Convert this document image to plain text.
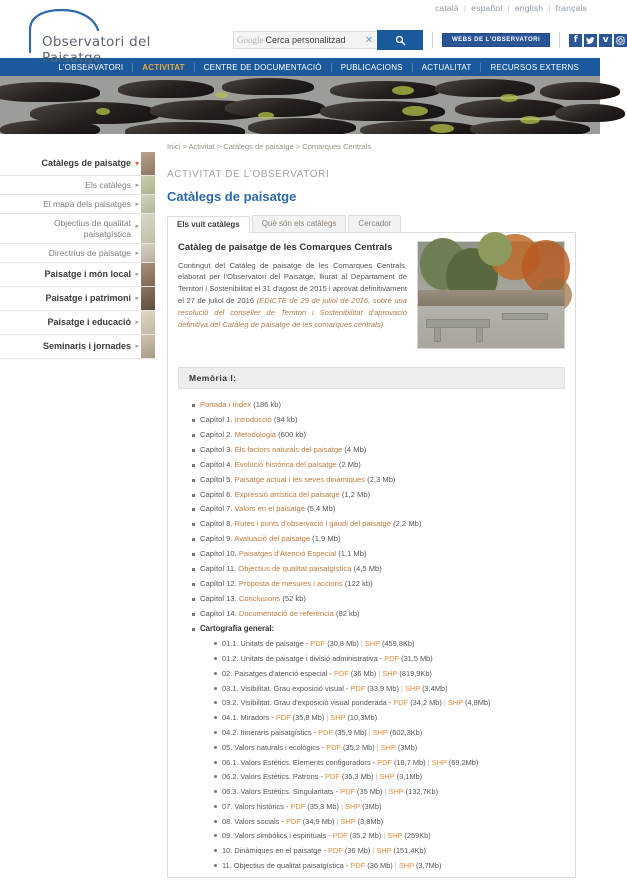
català | español | english | français
Observatori del Paisatge
Google Cerca personalitzad	✕	WEBS DE L'OBSERVATORI	f	v
L'OBSERVATORI	ACTIVITAT	CENTRE DE DOCUMENTACIÓ	PUBLICACIONS	ACTUALITAT	RECURSOS EXTERNS
Catàlegs de paisatge ▾
Els catàlegs ▸
El mapa dels paisatges ▸
Objectius de qualitat paisatgística
▸
Directrius de paisatge ▸
Paisatge i món local ▸
Paisatge i patrimoni ▸
Paisatge i educació ▸
Seminaris i jornades ▸
Inici > Activitat > Catàlegs de paisatge > Comarques Centrals
ACTIVITAT DE L'OBSERVATORI
Catàlegs de paisatge
Els vuit catàlegs	Què són els catàlegs	Cercador
Catàleg de paisatge de les Comarques Centrals

Contingut del Catàleg de paisatge de les Comarques Centrals, elaborat per l'Observatori del Paisatge, lliurat al Departament de Territori i Sostenibilitat el 31 d'agost de 2015 i aprovat definitivament el 27 de juliol de 2016 (EDICTE de 29 de juliol de 2016, sobre una resolució del conseller de Territori i Sostenibilitat d'aprovació definitiva del Catàleg de paisatge de les comarques centrals).

Memòria I:
Portada i índex (186 kb)
Capítol 1. Introducció (94 kb)
Capítol 2. Metodologia (600 kb)
Capítol 3. Els factors naturals del paisatge (4 Mb)
Capítol 4. Evolució històrica del paisatge (2 Mb)
Capítol 5. Paisatge actual i les seves dinàmiques (2,3 Mb)
Capítol 6. Expressió artística del paisatge (1,2 Mb)
Capítol 7. Valors en el paisatge (5,4 Mb)
Capítol 8. Rutes i punts d'observació i gaudi del paisatge (2,2 Mb)
Capítol 9. Avaluació del paisatge (1,9 Mb)
Capítol 10. Paisatges d'Atenció Especial (1,1 Mb)
Capítol 11. Objectius de qualitat paisatgística (4,5 Mb)
Capítol 12. Proposta de mesures i accions (122 kb)
Capítol 13. Conclusions (52 kb)
Capítol 14. Documentació de referència (82 kb)
Cartografia general:
01.1. Unitats de paisatge - PDF (30,8 Mb) | SHP (459,8Kb)
01.2. Unitats de paisatge i divisió administrativa - PDF (31,5 Mb)
02. Paisatges d'atenció especial - PDF (36 Mb) | SHP (819,9Kb)
03.1. Visibilitat. Grau exposició visual - PDF (33,9 Mb) | SHP (3,4Mb)
03.2. Visibilitat. Grau d'exposició visual ponderada - PDF (34,2 Mb) | SHP (4,8Mb)
04.1. Miradors - PDF (35,8 Mb) | SHP (10,3Mb)
04.2. Itineraris paisatgístics - PDF (35,9 Mb) | SHP (602,3Kb)
05. Valors naturals i ecològics - PDF (35,2 Mb) | SHP (3Mb)
06.1. Valors Estètics. Elements configuradors - PDF (18,7 Mb) | SHP (69,2Mb)
06.2. Valors Estètics. Patrons - PDF (35,3 Mb) | SHP (3,1Mb)
06.3. Valors Estètics. Singularitats - PDF (35 Mb) | SHP (132,7Kb)
07. Valors històrics - PDF (35,3 Mb) | SHP (3Mb)
08. Valors socials - PDF (34,9 Mb) | SHP (3,8Mb)
09. Valors simbòlics i espirituals - PDF (35,2 Mb) | SHP (259Kb)
10. Dinàmiques en el paisatge - PDF (36 Mb) | SHP (151,4Kb)
11. Objectius de qualitat paisatgística - PDF (36 Mb) | SHP (3,7Mb)
